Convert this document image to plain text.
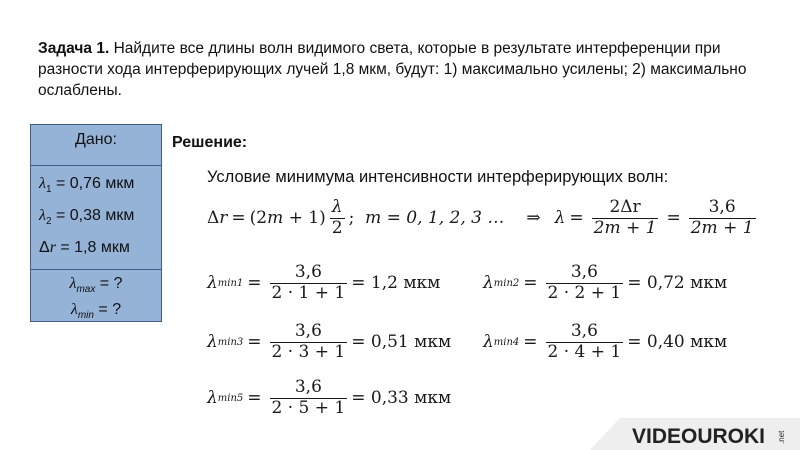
Задача 1. Найдите все длины волн видимого света, которые в результате интерференции при разности хода интерферирующих лучей 1,8 мкм, будут: 1) максимально усилены; 2) максимально ослаблены.
Дано:
$\lambda_1 = 0,76$ мкм
$\lambda_2 = 0,38$ мкм
Δr = 1,8 мкм
$\lambda_{max}$ = ?
$\lambda_{min}$ = ?
Решение:
Условие минимума интенсивности интерферирующих волн:
Δ r = (2 $m + 1) \frac{\lambda}{2}$ ; m = 0, 1, 2, 3 … ⇒ $\lambda = \frac{2\Delta r}{2m + 1} = \frac{3,6}{2m + 1}$
λ $\min 1 = \frac{3,6}{2 \cdot 1 + 1} = 1,2$ мкм	λ $\min 2 = \frac{3,6}{2 \cdot 2 + 1} = 0,72$ мкм
λ $\min 3 = \frac{3,6}{2 \cdot 3 + 1} = 0,51$ мкм λ $\min 4 = \frac{3,6}{2 \cdot 4 + 1} = 0,40$ мкм
λ $\min 5 = \frac{3,6}{2 \cdot 5 + 1} = 0,33$ мкм
VIDEOUROKI .net
